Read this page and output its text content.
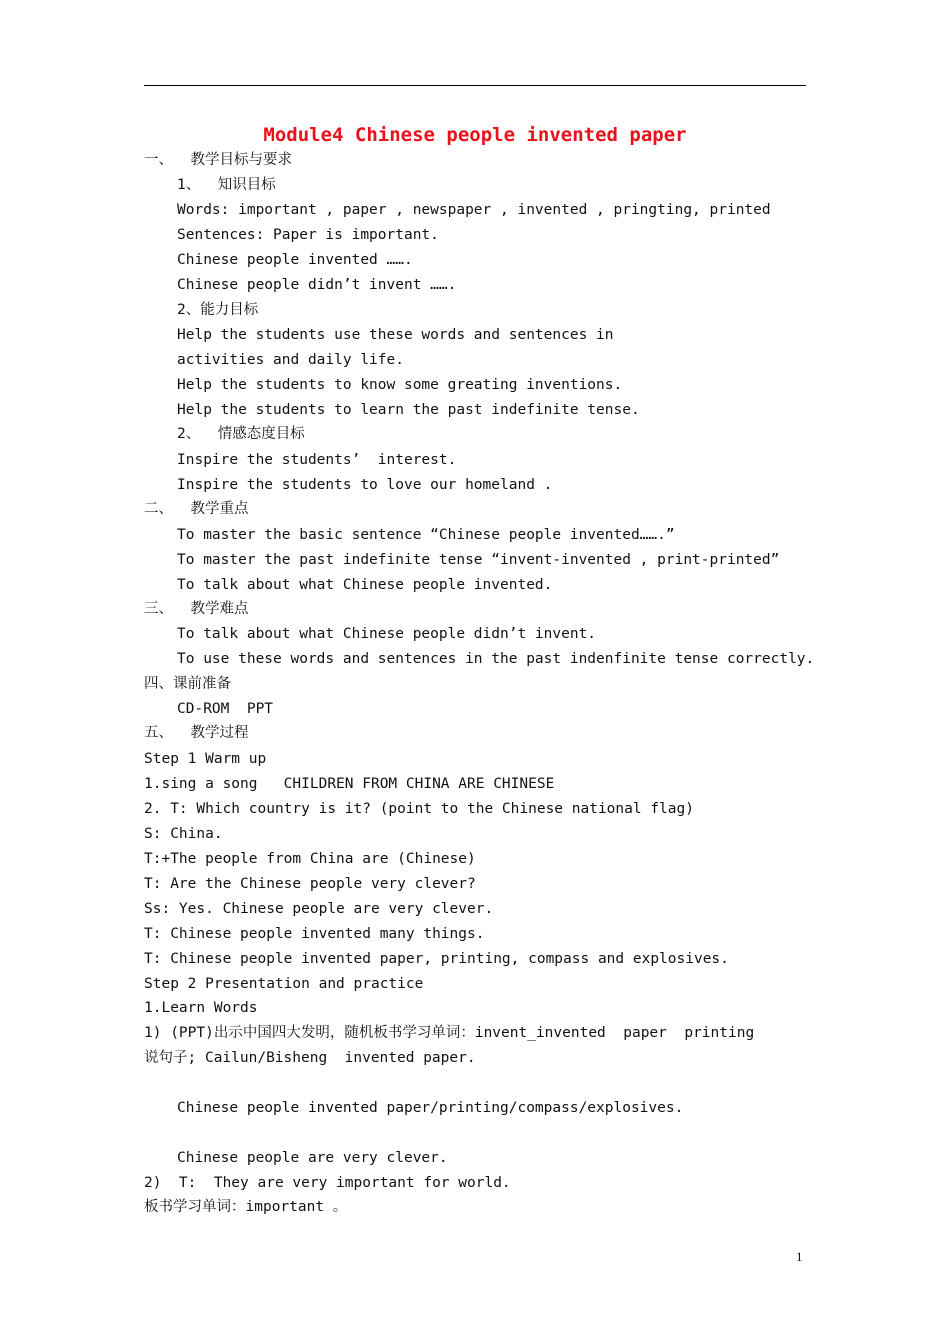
Module4 Chinese people invented paper
一、  教学目标与要求
1、  知识目标
Words: important , paper , newspaper , invented , pringting, printed
Sentences: Paper is important.
Chinese people invented …….
Chinese people didn’t invent …….
2、能力目标
Help the students use these words and sentences in
activities and daily life.
Help the students to know some greating inventions.
Help the students to learn the past indefinite tense.
2、  情感态度目标
Inspire the students’  interest.
Inspire the students to love our homeland .
二、  教学重点
To master the basic sentence “Chinese people invented…….”
To master the past indefinite tense “invent-invented , print-printed”
To talk about what Chinese people invented.
三、  教学难点
To talk about what Chinese people didn’t invent.
To use these words and sentences in the past indenfinite tense correctly.
四、课前准备
CD-ROM  PPT
五、  教学过程
Step 1 Warm up
1.sing a song   CHILDREN FROM CHINA ARE CHINESE
2. T: Which country is it? (point to the Chinese national flag)
S: China.
T:+The people from China are (Chinese)
T: Are the Chinese people very clever?
Ss: Yes. Chinese people are very clever.
T: Chinese people invented many things.
T: Chinese people invented paper, printing, compass and explosives.
Step 2 Presentation and practice
1.Learn Words
1) (PPT)出示中国四大发明，随机板书学习单词：invent_invented  paper  printing
说句子; Cailun/Bisheng  invented paper.
Chinese people invented paper/printing/compass/explosives.
Chinese people are very clever.
2)  T:  They are very important for world.
板书学习单词：important 。
1
